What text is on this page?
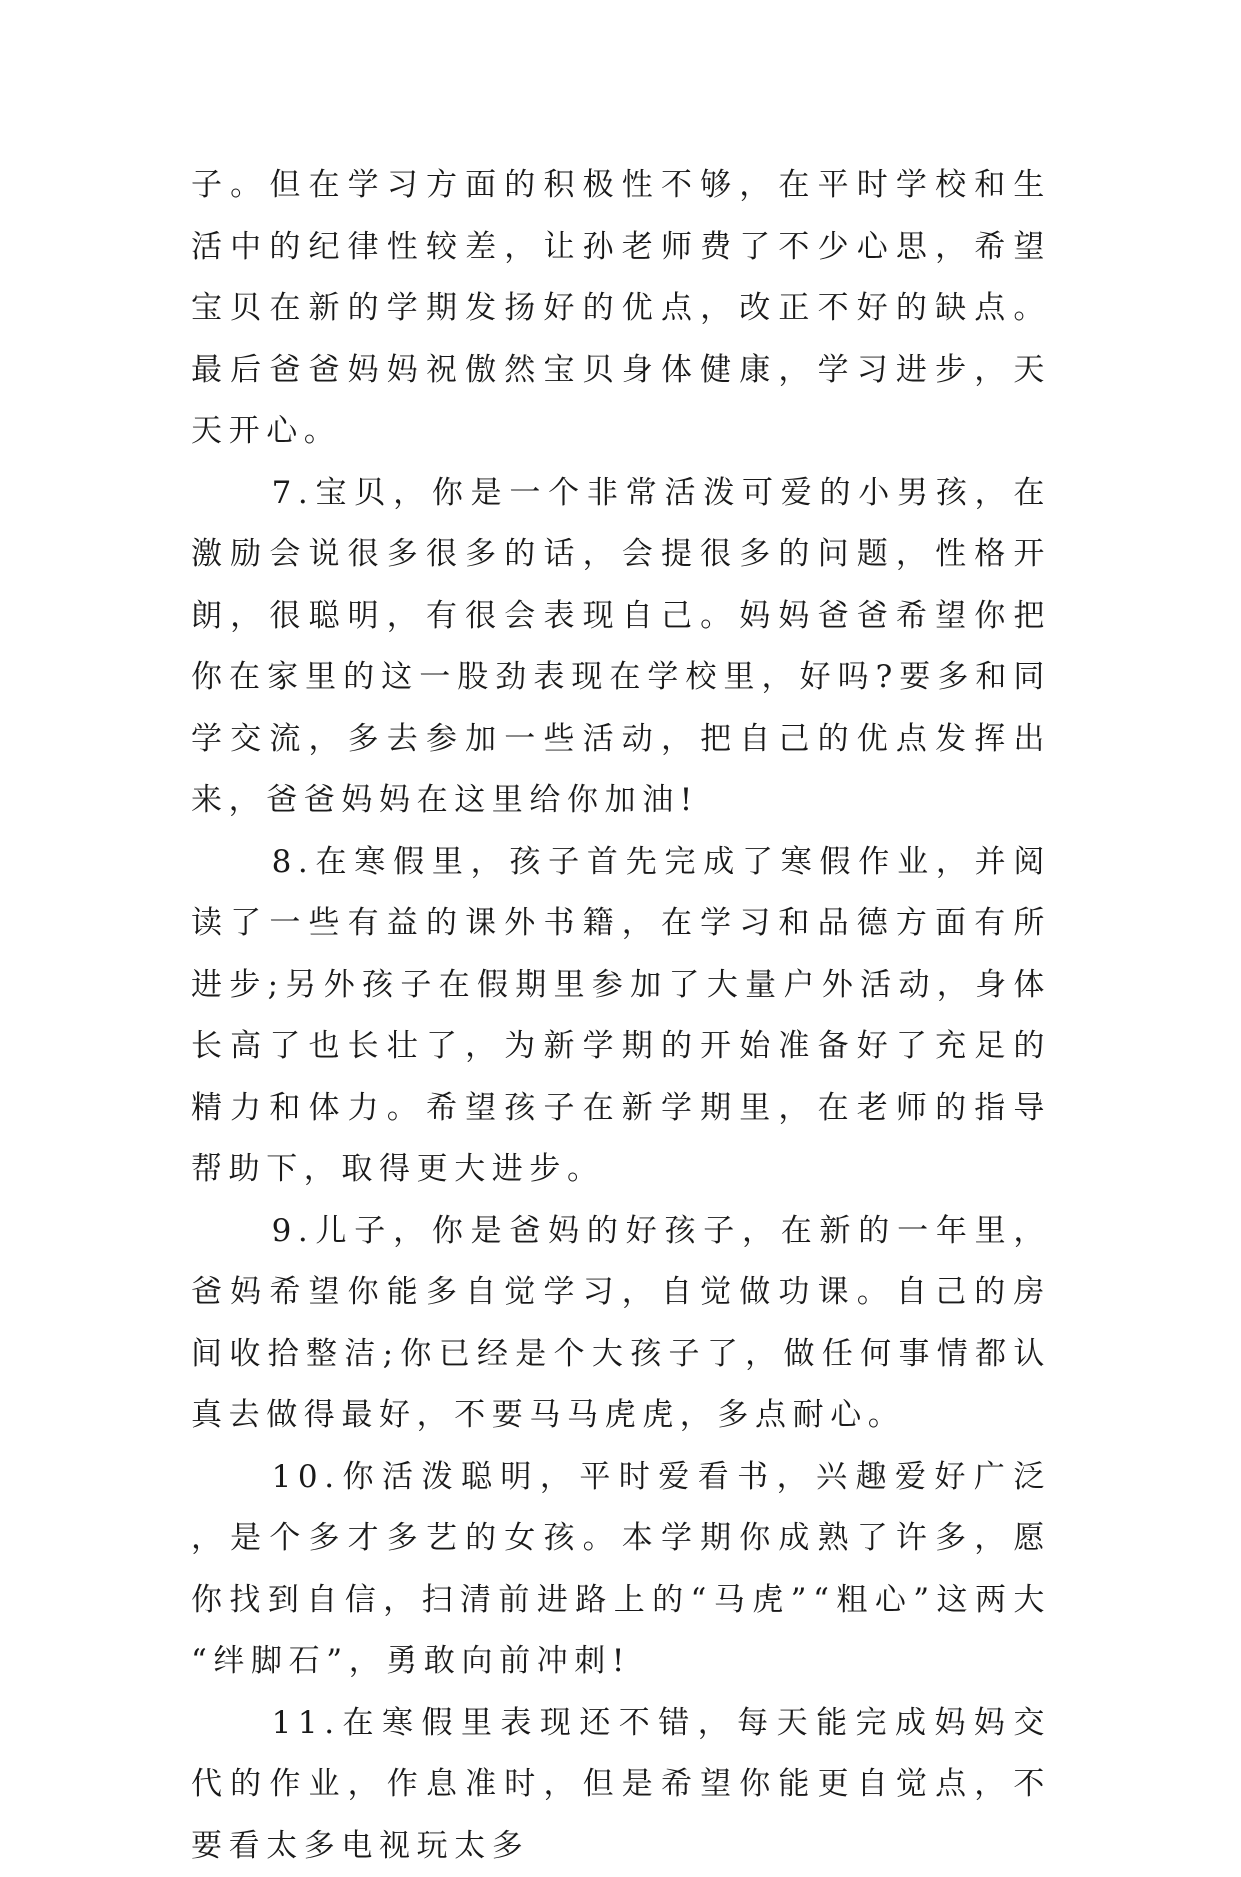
子。但在学习方面的积极性不够，在平时学校和生活中的纪律性较差，让孙老师费了不少心思，希望宝贝在新的学期发扬好的优点，改正不好的缺点。最后爸爸妈妈祝傲然宝贝身体健康，学习进步，天天开心。

7.宝贝，你是一个非常活泼可爱的小男孩，在激励会说很多很多的话，会提很多的问题，性格开朗，很聪明，有很会表现自己。妈妈爸爸希望你把你在家里的这一股劲表现在学校里，好吗?要多和同学交流，多去参加一些活动，把自己的优点发挥出来，爸爸妈妈在这里给你加油!

8.在寒假里，孩子首先完成了寒假作业，并阅读了一些有益的课外书籍，在学习和品德方面有所进步;另外孩子在假期里参加了大量户外活动，身体长高了也长壮了，为新学期的开始准备好了充足的精力和体力。希望孩子在新学期里，在老师的指导帮助下，取得更大进步。

9.儿子，你是爸妈的好孩子，在新的一年里，爸妈希望你能多自觉学习，自觉做功课。自己的房间收拾整洁;你已经是个大孩子了，做任何事情都认真去做得最好，不要马马虎虎，多点耐心。

10.你活泼聪明，平时爱看书，兴趣爱好广泛，是个多才多艺的女孩。本学期你成熟了许多，愿你找到自信，扫清前进路上的“马虎”“粗心”这两大“绊脚石”，勇敢向前冲刺!

11.在寒假里表现还不错，每天能完成妈妈交代的作业，作息准时，但是希望你能更自觉点，不要看太多电视玩太多
